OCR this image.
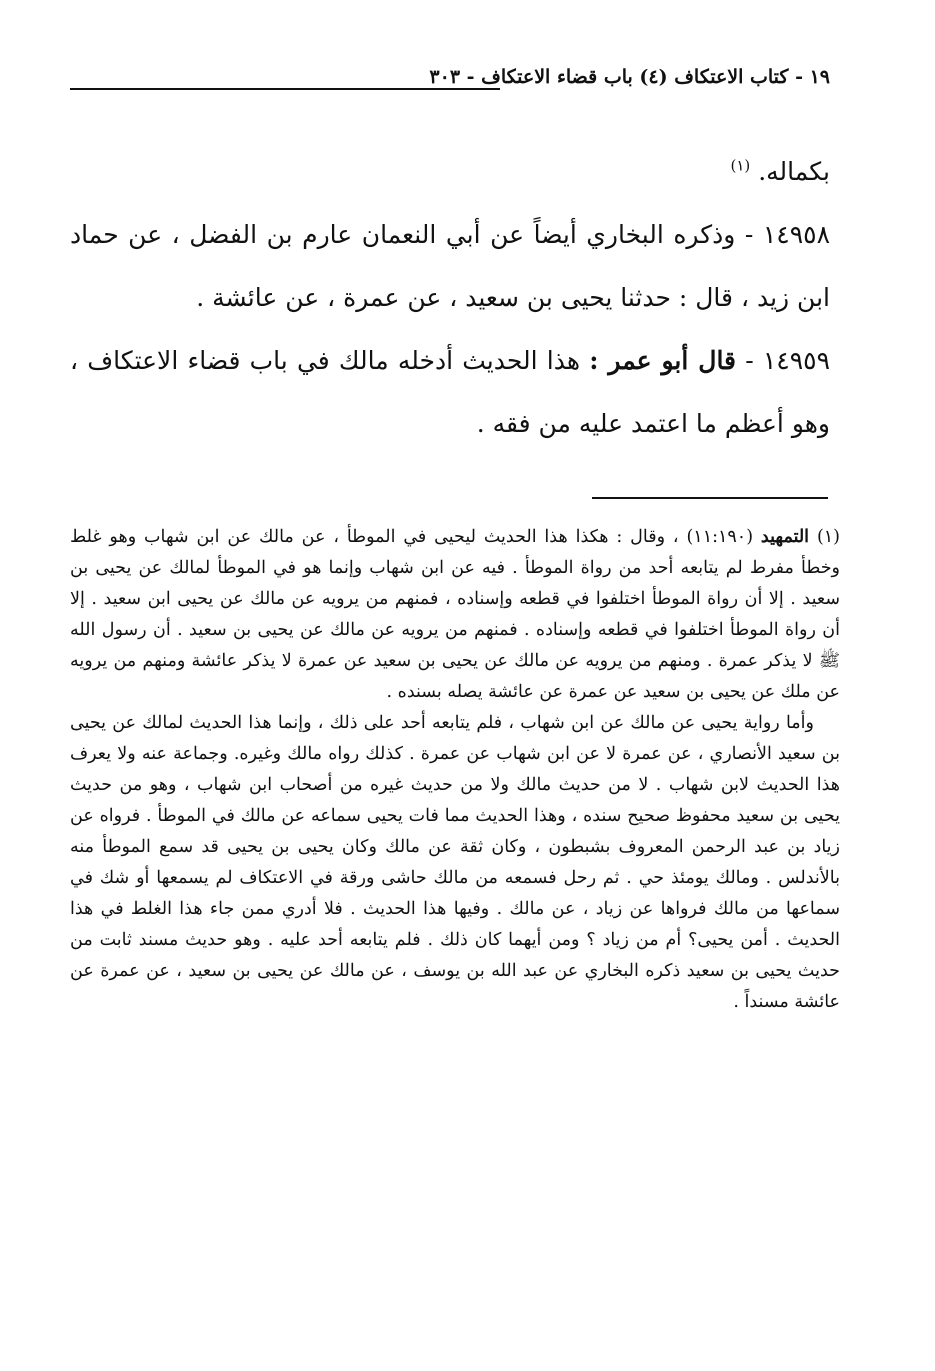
١٩ - كتاب الاعتكاف (٤) باب قضاء الاعتكاف - ٣٠٣

بكماله. $^{(١)}$

١٤٩٥٨ - وذكره البخاري أيضاً عن أبي النعمان عارم بن الفضل ، عن حماد ابن زيد ، قال : حدثنا يحيى بن سعيد ، عن عمرة ، عن عائشة .

١٤٩٥٩ - قال أبو عمر : هذا الحديث أدخله مالك في باب قضاء الاعتكاف ، وهو أعظم ما اعتمد عليه من فقه .

(١) التمهيد (١١:١٩٠) ، وقال : هكذا هذا الحديث ليحيى في الموطأ ، عن مالك عن ابن شهاب وهو غلط وخطأ مفرط لم يتابعه أحد من رواة الموطأ . فيه عن ابن شهاب وإنما هو في الموطأ لمالك عن يحيى بن سعيد . إلا أن رواة الموطأ اختلفوا في قطعه وإسناده ، فمنهم من يرويه عن مالك عن يحيى ابن سعيد . إلا أن رواة الموطأ اختلفوا في قطعه وإسناده . فمنهم من يرويه عن مالك عن يحيى بن سعيد . أن رسول الله ﷺ لا يذكر عمرة . ومنهم من يرويه عن مالك عن يحيى بن سعيد عن عمرة لا يذكر عائشة ومنهم من يرويه عن ملك عن يحيى بن سعيد عن عمرة عن عائشة يصله بسنده .

وأما رواية يحيى عن مالك عن ابن شهاب ، فلم يتابعه أحد على ذلك ، وإنما هذا الحديث لمالك عن يحيى بن سعيد الأنصاري ، عن عمرة لا عن ابن شهاب عن عمرة . كذلك رواه مالك وغيره. وجماعة عنه ولا يعرف هذا الحديث لابن شهاب . لا من حديث مالك ولا من حديث غيره من أصحاب ابن شهاب ، وهو من حديث يحيى بن سعيد محفوظ صحيح سنده ، وهذا الحديث مما فات يحيى سماعه عن مالك في الموطأ . فرواه عن زياد بن عبد الرحمن المعروف بشبطون ، وكان ثقة عن مالك وكان يحيى بن يحيى قد سمع الموطأ منه بالأندلس . ومالك يومئذ حي . ثم رحل فسمعه من مالك حاشى ورقة في الاعتكاف لم يسمعها أو شك في سماعها من مالك فرواها عن زياد ، عن مالك . وفيها هذا الحديث . فلا أدري ممن جاء هذا الغلط في هذا الحديث . أمن يحيى؟ أم من زياد ؟ ومن أيهما كان ذلك . فلم يتابعه أحد عليه . وهو حديث مسند ثابت من حديث يحيى بن سعيد ذكره البخاري عن عبد الله بن يوسف ، عن مالك عن يحيى بن سعيد ، عن عمرة عن عائشة مسنداً .
